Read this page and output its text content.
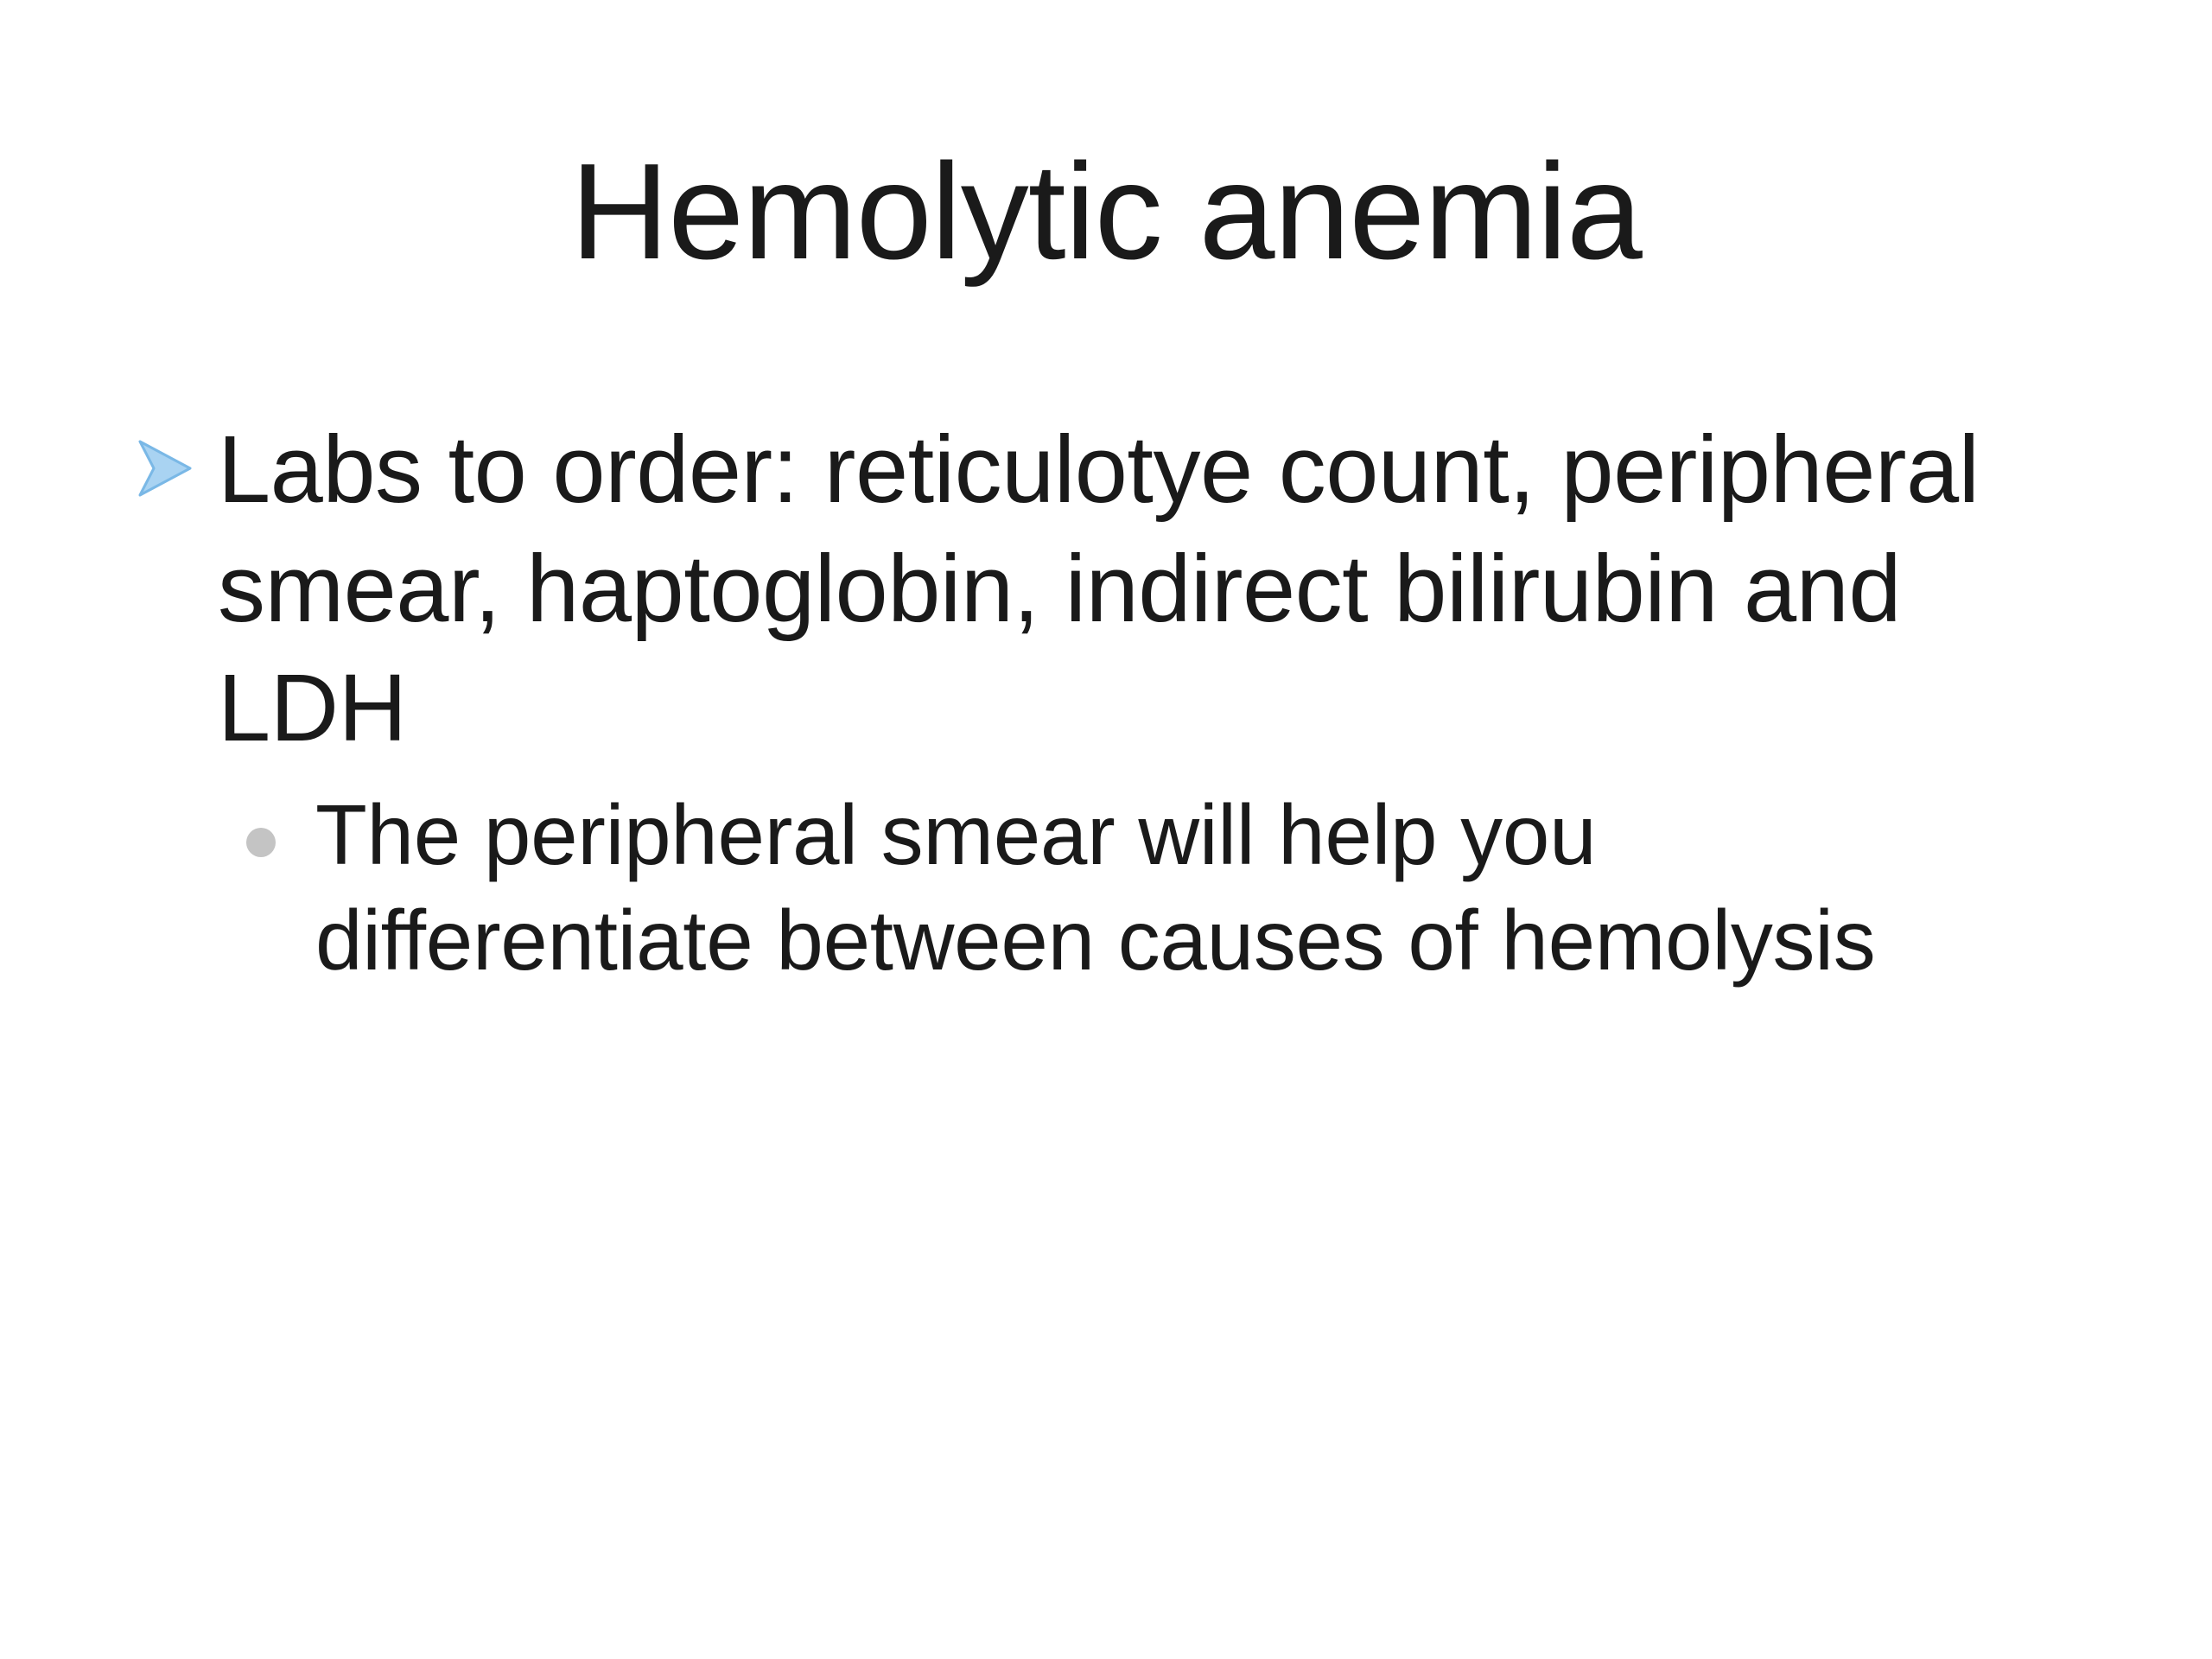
Hemolytic anemia

Labs to order: reticulotye count, peripheral smear, haptoglobin, indirect bilirubin and LDH

The peripheral smear will help you differentiate between causes of hemolysis
